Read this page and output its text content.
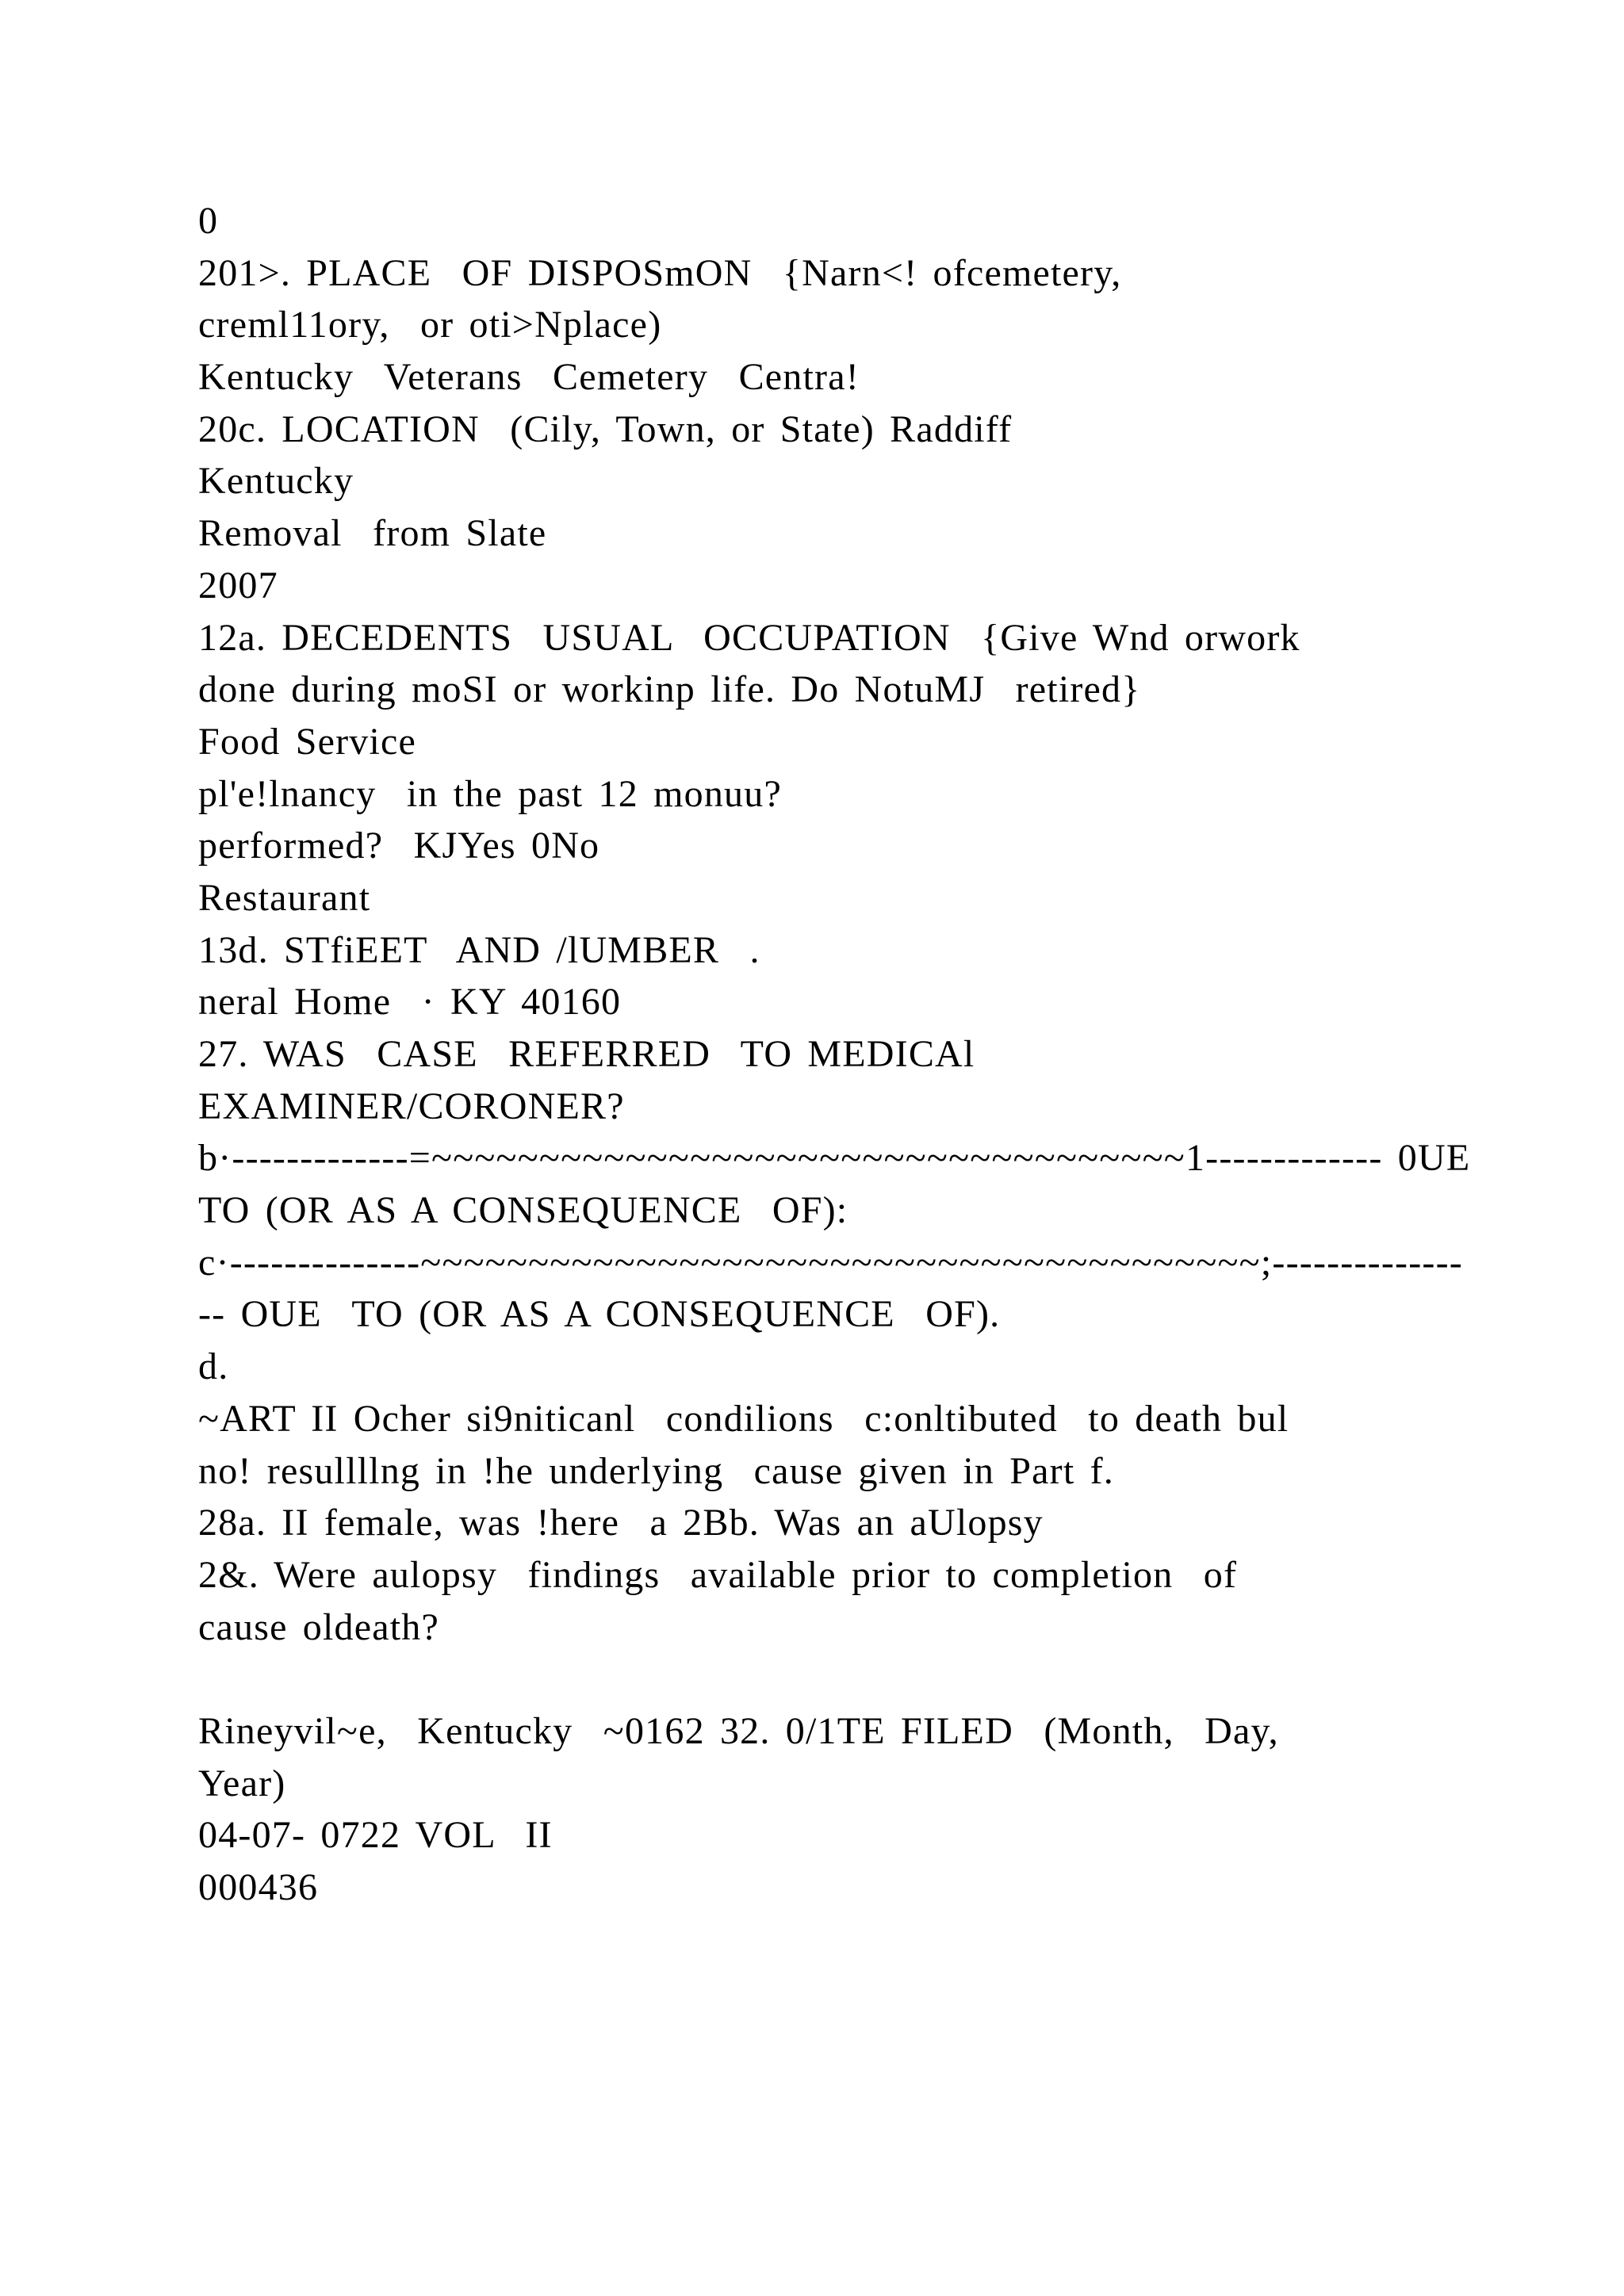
0
201>. PLACE  OF DISPOSmON  {Narn<! ofcemetery,
creml11ory,  or oti>Nplace)
Kentucky  Veterans  Cemetery  Centra!
20c. LOCATION  (Cily, Town, or State) Raddiff
Kentucky
Removal  from Slate
2007
12a. DECEDENTS  USUAL  OCCUPATION  {Give Wnd orwork
done during moSI or workinp life. Do NotuMJ  retired}
Food Service
pl'e!lnancy  in the past 12 monuu?
performed?  KJYes 0No
Restaurant
13d. STfiEET  AND /lUMBER  .
neral Home  · KY 40160
27. WAS  CASE  REFERRED  TO MEDICAl
EXAMINER/CORONER?
b·-------------=~~~~~~~~~~~~~~~~~~~~~~~~~~~~~~~~~~~1------------- 0UE
TO (OR AS A CONSEQUENCE  OF):
c·--------------~~~~~~~~~~~~~~~~~~~~~~~~~~~~~~~~~~~~~~~;--------------
-- OUE  TO (OR AS A CONSEQUENCE  OF).
d.
~ART II Ocher si9niticanl  condilions  c:onltibuted  to death bul
no! resullllng in !he underlying  cause given in Part f.
28a. II female, was !here  a 2Bb. Was an aUlopsy
2&. Were aulopsy  findings  available prior to completion  of
cause oldeath?
Rineyvil~e,  Kentucky  ~0162 32. 0/1TE FILED  (Month,  Day,
Year)
04-07- 0722 VOL  II
000436
